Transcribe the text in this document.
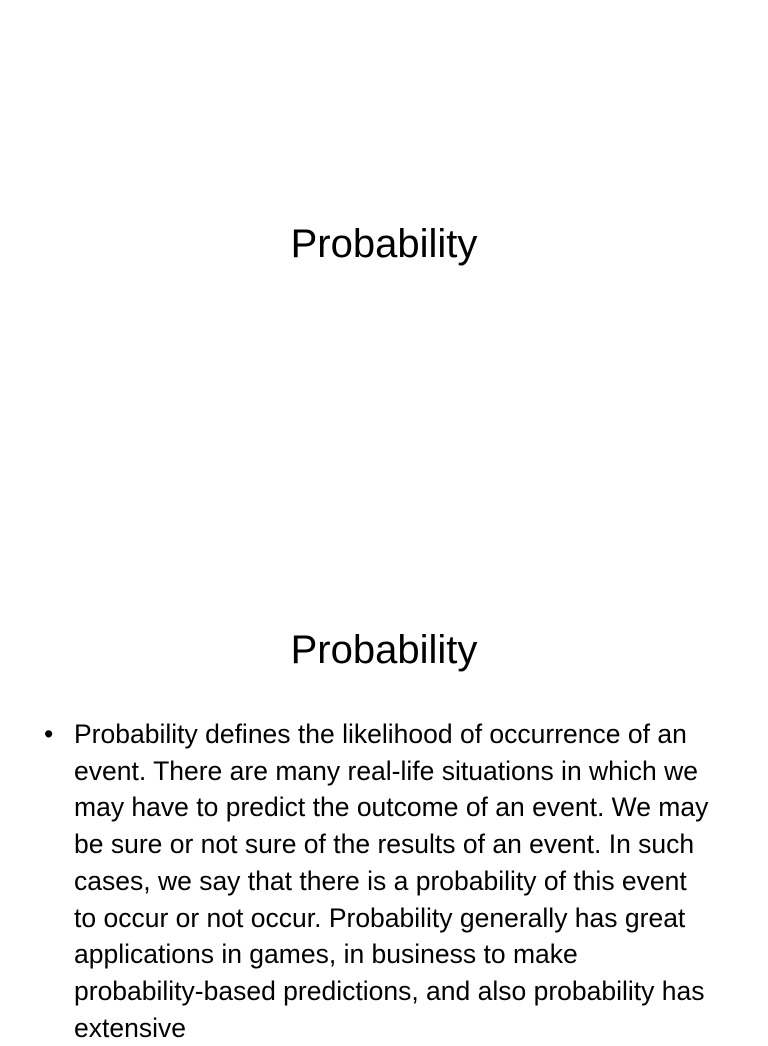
Probability
Probability
• Probability defines the likelihood of occurrence of an event. There are many real-life situations in which we may have to predict the outcome of an event. We may be sure or not sure of the results of an event. In such cases, we say that there is a probability of this event to occur or not occur. Probability generally has great applications in games, in business to make probability-based predictions, and also probability has extensive
